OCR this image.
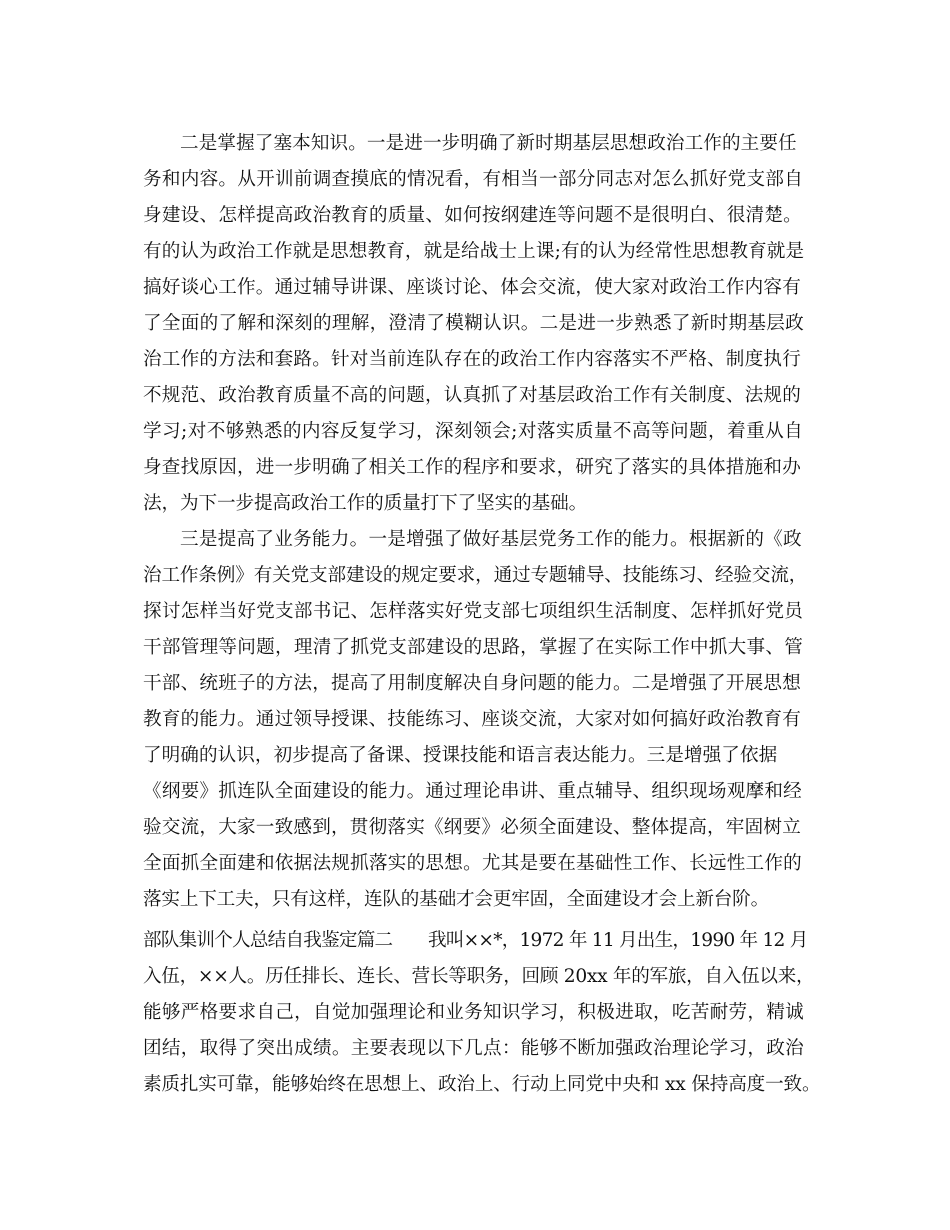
二是掌握了塞本知识。一是进一步明确了新时期基层思想政治工作的主要任
务和内容。从开训前调查摸底的情况看，有相当一部分同志对怎么抓好党支部自
身建设、怎样提高政治教育的质量、如何按纲建连等问题不是很明白、很清楚。
有的认为政治工作就是思想教育，就是给战士上课;有的认为经常性思想教育就是
搞好谈心工作。通过辅导讲课、座谈讨论、体会交流，使大家对政治工作内容有
了全面的了解和深刻的理解，澄清了模糊认识。二是进一步熟悉了新时期基层政
治工作的方法和套路。针对当前连队存在的政治工作内容落实不严格、制度执行
不规范、政治教育质量不高的问题，认真抓了对基层政治工作有关制度、法规的
学习;对不够熟悉的内容反复学习，深刻领会;对落实质量不高等问题，着重从自
身查找原因，进一步明确了相关工作的程序和要求，研究了落实的具体措施和办
法，为下一步提高政治工作的质量打下了坚实的基础。
三是提高了业务能力。一是增强了做好基层党务工作的能力。根据新的《政
治工作条例》有关党支部建设的规定要求，通过专题辅导、技能练习、经验交流，
探讨怎样当好党支部书记、怎样落实好党支部七项组织生活制度、怎样抓好党员
干部管理等问题，理清了抓党支部建设的思路，掌握了在实际工作中抓大事、管
干部、统班子的方法，提高了用制度解决自身问题的能力。二是增强了开展思想
教育的能力。通过领导授课、技能练习、座谈交流，大家对如何搞好政治教育有
了明确的认识，初步提高了备课、授课技能和语言表达能力。三是增强了依据
《纲要》抓连队全面建设的能力。通过理论串讲、重点辅导、组织现场观摩和经
验交流，大家一致感到，贯彻落实《纲要》必须全面建设、整体提高，牢固树立
全面抓全面建和依据法规抓落实的思想。尤其是要在基础性工作、长远性工作的
落实上下工夫，只有这样，连队的基础才会更牢固，全面建设才会上新台阶。
部队集训个人总结自我鉴定篇二　　我叫××*，1972 年 11 月出生，1990 年 12 月
入伍，××人。历任排长、连长、营长等职务，回顾 20xx 年的军旅，自入伍以来，
能够严格要求自己，自觉加强理论和业务知识学习，积极进取，吃苦耐劳，精诚
团结，取得了突出成绩。主要表现以下几点：能够不断加强政治理论学习，政治
素质扎实可靠，能够始终在思想上、政治上、行动上同党中央和 xx 保持高度一致。
